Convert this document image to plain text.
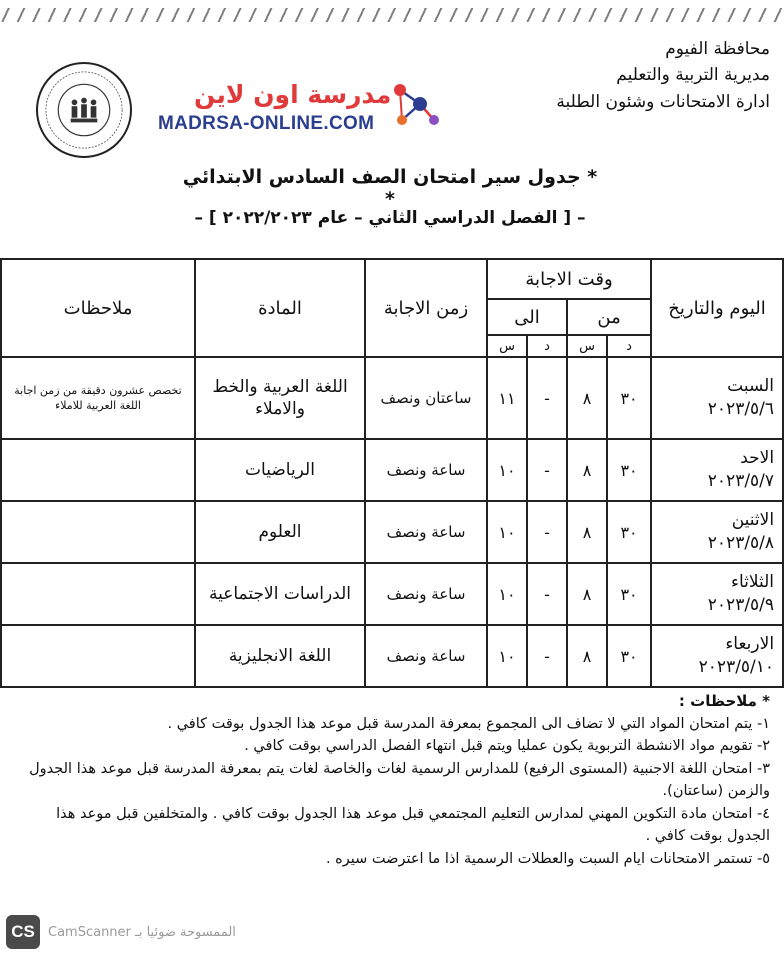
محافظة الفيوم
مديرية التربية والتعليم
ادارة الامتحانات وشئون الطلبة
مدرسة اون لاين
MADRSA-ONLINE.COM
* جدول سير امتحان الصف السادس الابتدائي *
– [ الفصل الدراسي الثاني – عام ٢٠٢٢/٢٠٢٣ ] –
اليوم والتاريخ	وقت الاجابة				زمن الاجابة	المادة	ملاحظات
	من		الى				
	د	س	د	س			
السبت
٢٠٢٣/٥/٦	٣٠	٨	-	١١	ساعتان ونصف	اللغة العربية والخط والاملاء	تخصص عشرون دقيقة من زمن اجابة اللغة العربية للاملاء
الاحد
٢٠٢٣/٥/٧	٣٠	٨	-	١٠	ساعة ونصف	الرياضيات	
الاثنين
٢٠٢٣/٥/٨	٣٠	٨	-	١٠	ساعة ونصف	العلوم	
الثلاثاء
٢٠٢٣/٥/٩	٣٠	٨	-	١٠	ساعة ونصف	الدراسات الاجتماعية	
الاربعاء
٢٠٢٣/٥/١٠	٣٠	٨	-	١٠	ساعة ونصف	اللغة الانجليزية	

* ملاحظات :

١- يتم امتحان المواد التي لا تضاف الى المجموع بمعرفة المدرسة قبل موعد هذا الجدول بوقت كافي .

٢- تقويم مواد الانشطة التربوية يكون عمليا ويتم قبل انتهاء الفصل الدراسي بوقت كافي .

٣- امتحان اللغة الاجنبية (المستوى الرفيع) للمدارس الرسمية لغات والخاصة لغات يتم بمعرفة المدرسة قبل موعد هذا الجدول والزمن (ساعتان).

٤- امتحان مادة التكوين المهني لمدارس التعليم المجتمعي قبل موعد هذا الجدول بوقت كافي . والمتخلفين قبل موعد هذا الجدول بوقت كافي .

٥- تستمر الامتحانات ايام السبت والعطلات الرسمية اذا ما اعترضت سيره .

CS	الممسوحة ضوئيا بـ CamScanner
